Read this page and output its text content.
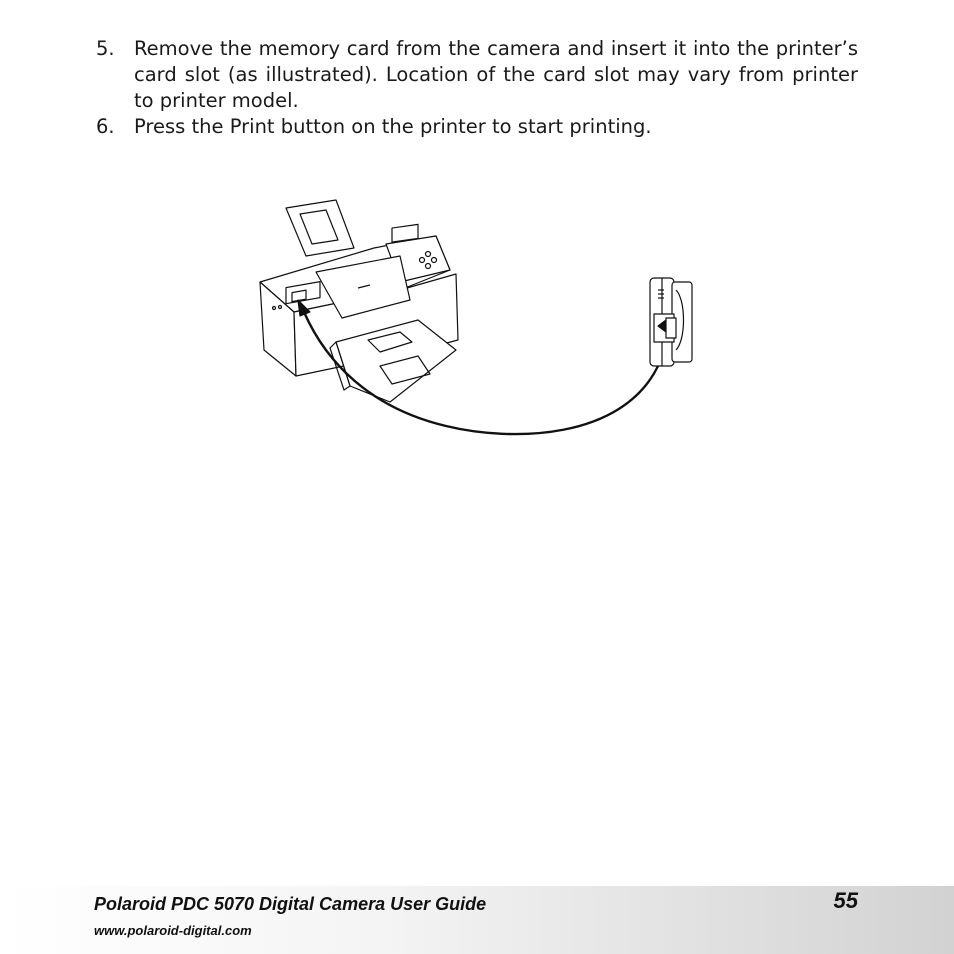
5. Remove the memory card from the camera and insert it into the printer’s card slot (as illustrated). Location of the card slot may vary from printer to printer model.
6. Press the Print button on the printer to start printing.
Polaroid PDC 5070 Digital Camera User Guide
www.polaroid-digital.com
55
